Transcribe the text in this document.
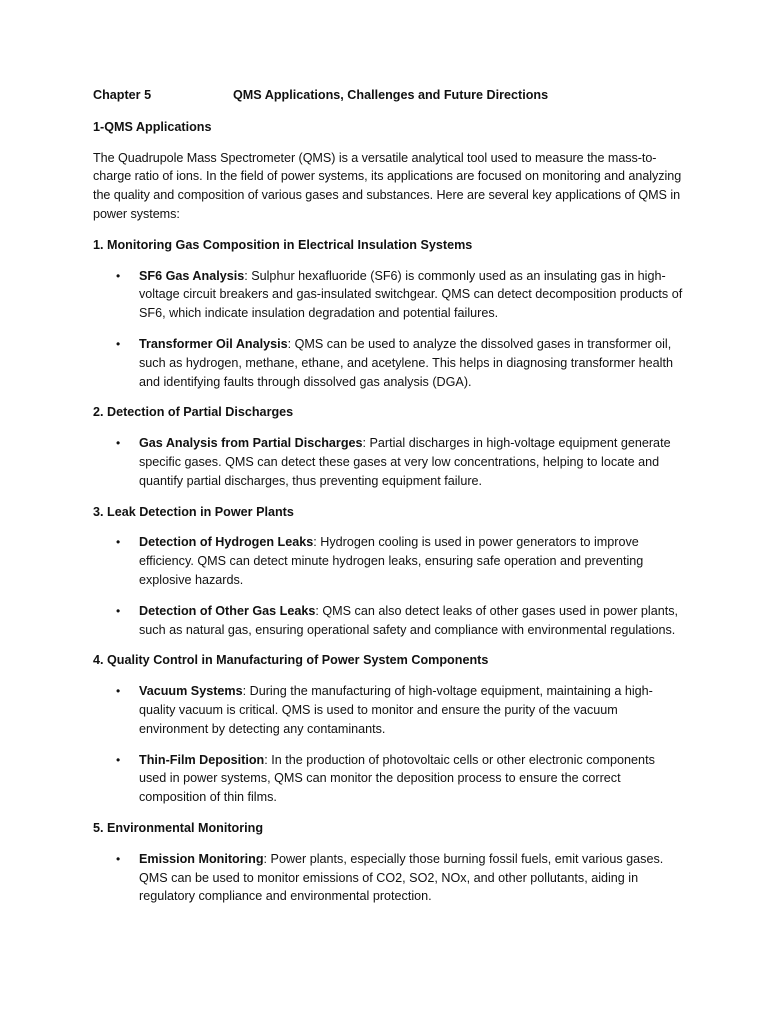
Chapter 5	QMS Applications, Challenges and Future Directions
1-QMS Applications

The Quadrupole Mass Spectrometer (QMS) is a versatile analytical tool used to measure the mass-to-charge ratio of ions. In the field of power systems, its applications are focused on monitoring and analyzing the quality and composition of various gases and substances. Here are several key applications of QMS in power systems:

1. Monitoring Gas Composition in Electrical Insulation Systems
• SF6 Gas Analysis: Sulphur hexafluoride (SF6) is commonly used as an insulating gas in high-voltage circuit breakers and gas-insulated switchgear. QMS can detect decomposition products of SF6, which indicate insulation degradation and potential failures.
• Transformer Oil Analysis: QMS can be used to analyze the dissolved gases in transformer oil, such as hydrogen, methane, ethane, and acetylene. This helps in diagnosing transformer health and identifying faults through dissolved gas analysis (DGA).
2. Detection of Partial Discharges
• Gas Analysis from Partial Discharges: Partial discharges in high-voltage equipment generate specific gases. QMS can detect these gases at very low concentrations, helping to locate and quantify partial discharges, thus preventing equipment failure.
3. Leak Detection in Power Plants
• Detection of Hydrogen Leaks: Hydrogen cooling is used in power generators to improve efficiency. QMS can detect minute hydrogen leaks, ensuring safe operation and preventing explosive hazards.
• Detection of Other Gas Leaks: QMS can also detect leaks of other gases used in power plants, such as natural gas, ensuring operational safety and compliance with environmental regulations.
4. Quality Control in Manufacturing of Power System Components
• Vacuum Systems: During the manufacturing of high-voltage equipment, maintaining a high-quality vacuum is critical. QMS is used to monitor and ensure the purity of the vacuum environment by detecting any contaminants.
• Thin-Film Deposition: In the production of photovoltaic cells or other electronic components used in power systems, QMS can monitor the deposition process to ensure the correct composition of thin films.
5. Environmental Monitoring
• Emission Monitoring: Power plants, especially those burning fossil fuels, emit various gases. QMS can be used to monitor emissions of CO2, SO2, NOx, and other pollutants, aiding in regulatory compliance and environmental protection.
